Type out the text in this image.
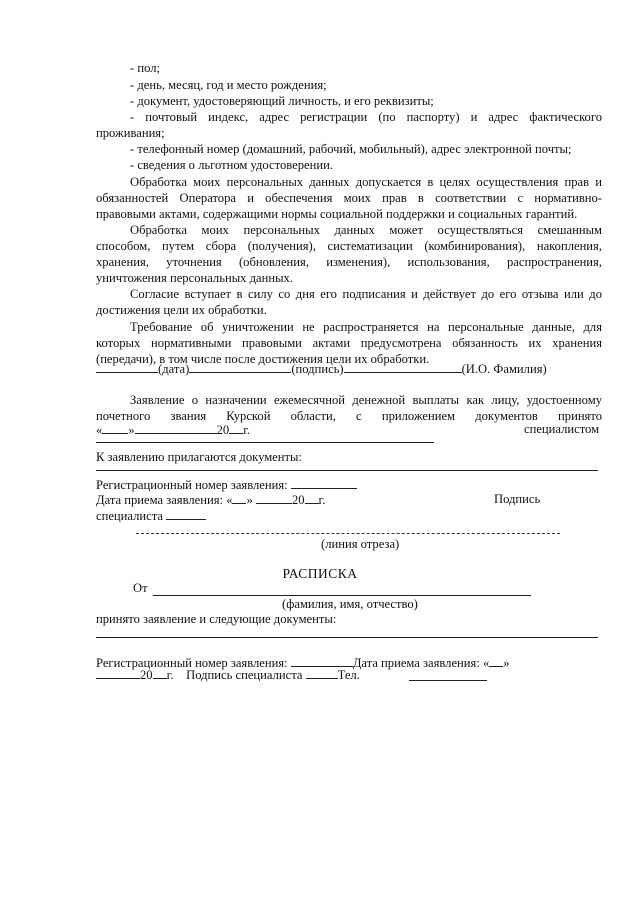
- пол;
- день, месяц, год и место рождения;
- документ, удостоверяющий личность, и его реквизиты;
- почтовый индекс, адрес регистрации (по паспорту) и адрес фактического
проживания;
- телефонный номер (домашний, рабочий, мобильный), адрес электронной почты;
- сведения о льготном удостоверении.
Обработка моих персональных данных допускается в целях осуществления прав и
обязанностей Оператора и обеспечения моих прав в соответствии с нормативно-
правовыми актами, содержащими нормы социальной поддержки и социальных гарантий.
Обработка моих персональных данных может осуществляться смешанным
способом, путем сбора (получения), систематизации (комбинирования), накопления,
хранения, уточнения (обновления, изменения), использования, распространения,
уничтожения персональных данных.
Согласие вступает в силу со дня его подписания и действует до его отзыва или до
достижения цели их обработки.
Требование об уничтожении не распространяется на персональные данные, для
которых нормативными правовыми актами предусмотрена обязанность их хранения
(передачи), в том числе после достижения цели их обработки.
(дата)	(подпись)	(И.О. Фамилия)
Заявление о назначении ежемесячной денежной выплаты как лицу, удостоенному
почетного звания Курской области, с приложением документов принято
« »	20 г.	специалистом
К заявлению прилагаются документы:
Регистрационный номер заявления:
Дата приема заявления: « »	20 г.	Подпись
специалиста
(линия отреза)
РАСПИСКА
От
(фамилия, имя, отчество)
принято заявление и следующие документы:
Регистрационный номер заявления:	Дата приема заявления: « »
20 г. Подпись специалиста	Тел.
